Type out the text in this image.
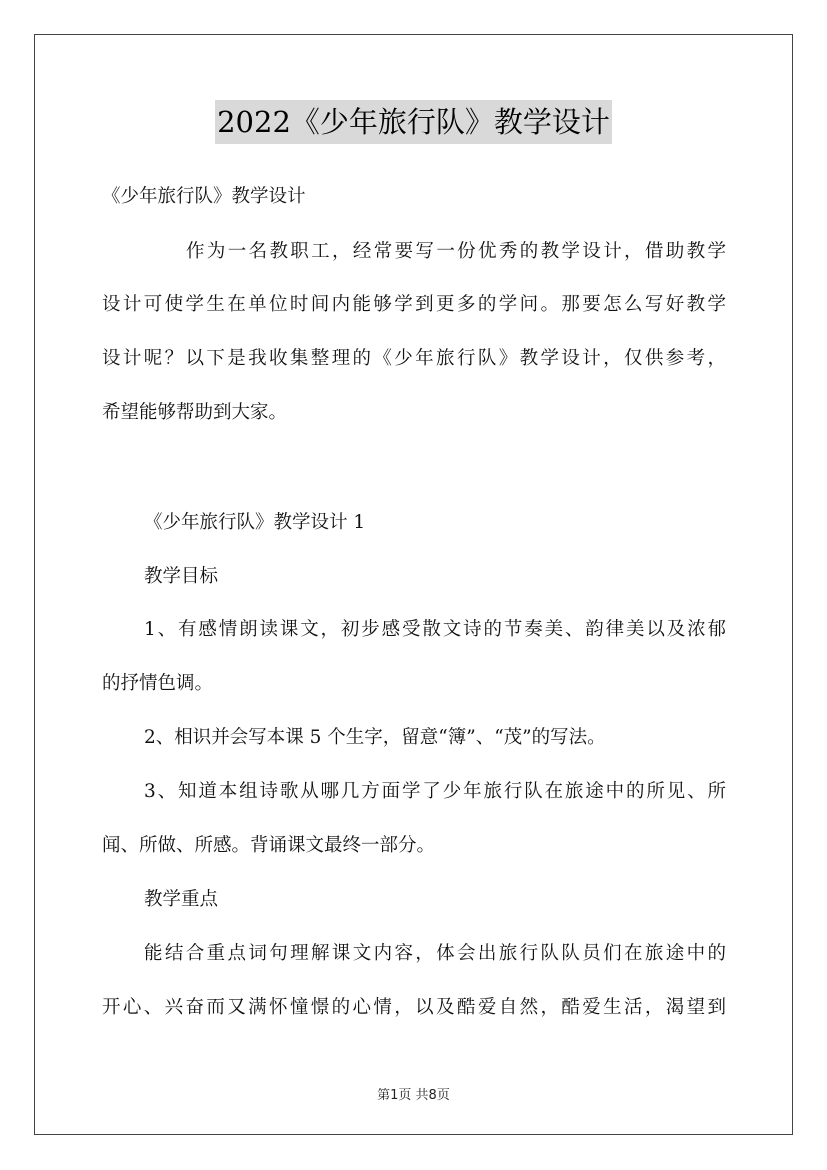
2022《少年旅行队》教学设计
《少年旅行队》教学设计
作为一名教职工，经常要写一份优秀的教学设计，借助教学
设计可使学生在单位时间内能够学到更多的学问。那要怎么写好教学
设计呢？以下是我收集整理的《少年旅行队》教学设计，仅供参考，
希望能够帮助到大家。
《少年旅行队》教学设计 1
教学目标
1、有感情朗读课文，初步感受散文诗的节奏美、韵律美以及浓郁
的抒情色调。
2、相识并会写本课 5 个生字，留意“簿”、“茂”的写法。
3、知道本组诗歌从哪几方面学了少年旅行队在旅途中的所见、所
闻、所做、所感。背诵课文最终一部分。
教学重点
能结合重点词句理解课文内容，体会出旅行队队员们在旅途中的
开心、兴奋而又满怀憧憬的心情，以及酷爱自然，酷爱生活，渴望到
第1页 共8页
